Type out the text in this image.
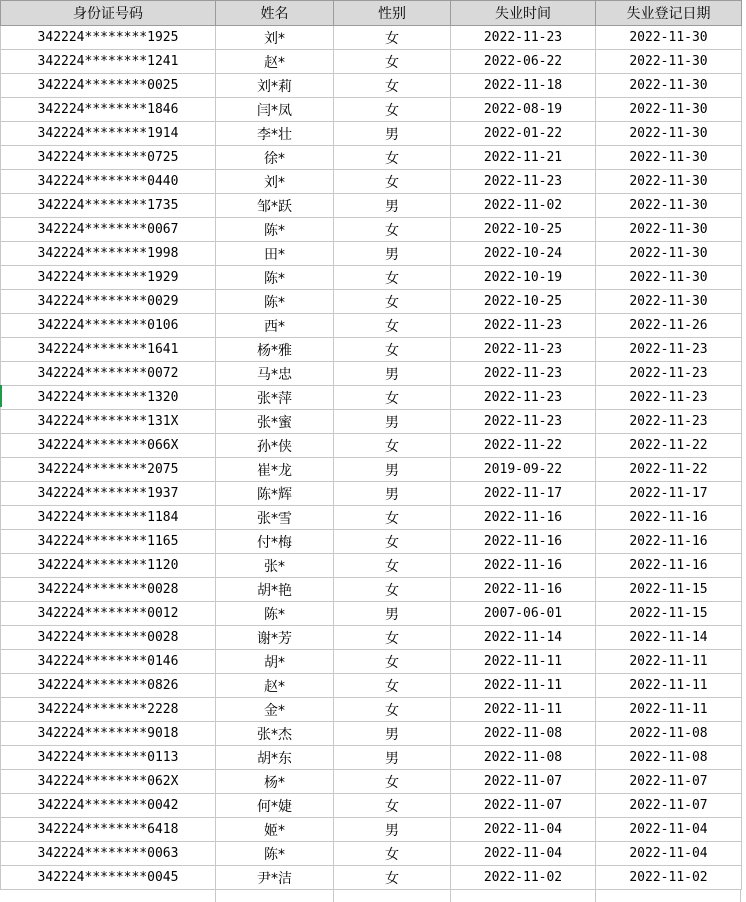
身份证号码	姓名	性别	失业时间	失业登记日期
342224********1925	刘*	女	2022-11-23	2022-11-30
342224********1241	赵*	女	2022-06-22	2022-11-30
342224********0025	刘*莉	女	2022-11-18	2022-11-30
342224********1846	闫*凤	女	2022-08-19	2022-11-30
342224********1914	李*壮	男	2022-01-22	2022-11-30
342224********0725	徐*	女	2022-11-21	2022-11-30
342224********0440	刘*	女	2022-11-23	2022-11-30
342224********1735	邹*跃	男	2022-11-02	2022-11-30
342224********0067	陈*	女	2022-10-25	2022-11-30
342224********1998	田*	男	2022-10-24	2022-11-30
342224********1929	陈*	女	2022-10-19	2022-11-30
342224********0029	陈*	女	2022-10-25	2022-11-30
342224********0106	西*	女	2022-11-23	2022-11-26
342224********1641	杨*雅	女	2022-11-23	2022-11-23
342224********0072	马*忠	男	2022-11-23	2022-11-23
342224********1320	张*萍	女	2022-11-23	2022-11-23
342224********131X	张*蜜	男	2022-11-23	2022-11-23
342224********066X	孙*侠	女	2022-11-22	2022-11-22
342224********2075	崔*龙	男	2019-09-22	2022-11-22
342224********1937	陈*辉	男	2022-11-17	2022-11-17
342224********1184	张*雪	女	2022-11-16	2022-11-16
342224********1165	付*梅	女	2022-11-16	2022-11-16
342224********1120	张*	女	2022-11-16	2022-11-16
342224********0028	胡*艳	女	2022-11-16	2022-11-15
342224********0012	陈*	男	2007-06-01	2022-11-15
342224********0028	谢*芳	女	2022-11-14	2022-11-14
342224********0146	胡*	女	2022-11-11	2022-11-11
342224********0826	赵*	女	2022-11-11	2022-11-11
342224********2228	金*	女	2022-11-11	2022-11-11
342224********9018	张*杰	男	2022-11-08	2022-11-08
342224********0113	胡*东	男	2022-11-08	2022-11-08
342224********062X	杨*	女	2022-11-07	2022-11-07
342224********0042	何*婕	女	2022-11-07	2022-11-07
342224********6418	姬*	男	2022-11-04	2022-11-04
342224********0063	陈*	女	2022-11-04	2022-11-04
342224********0045	尹*洁	女	2022-11-02	2022-11-02
